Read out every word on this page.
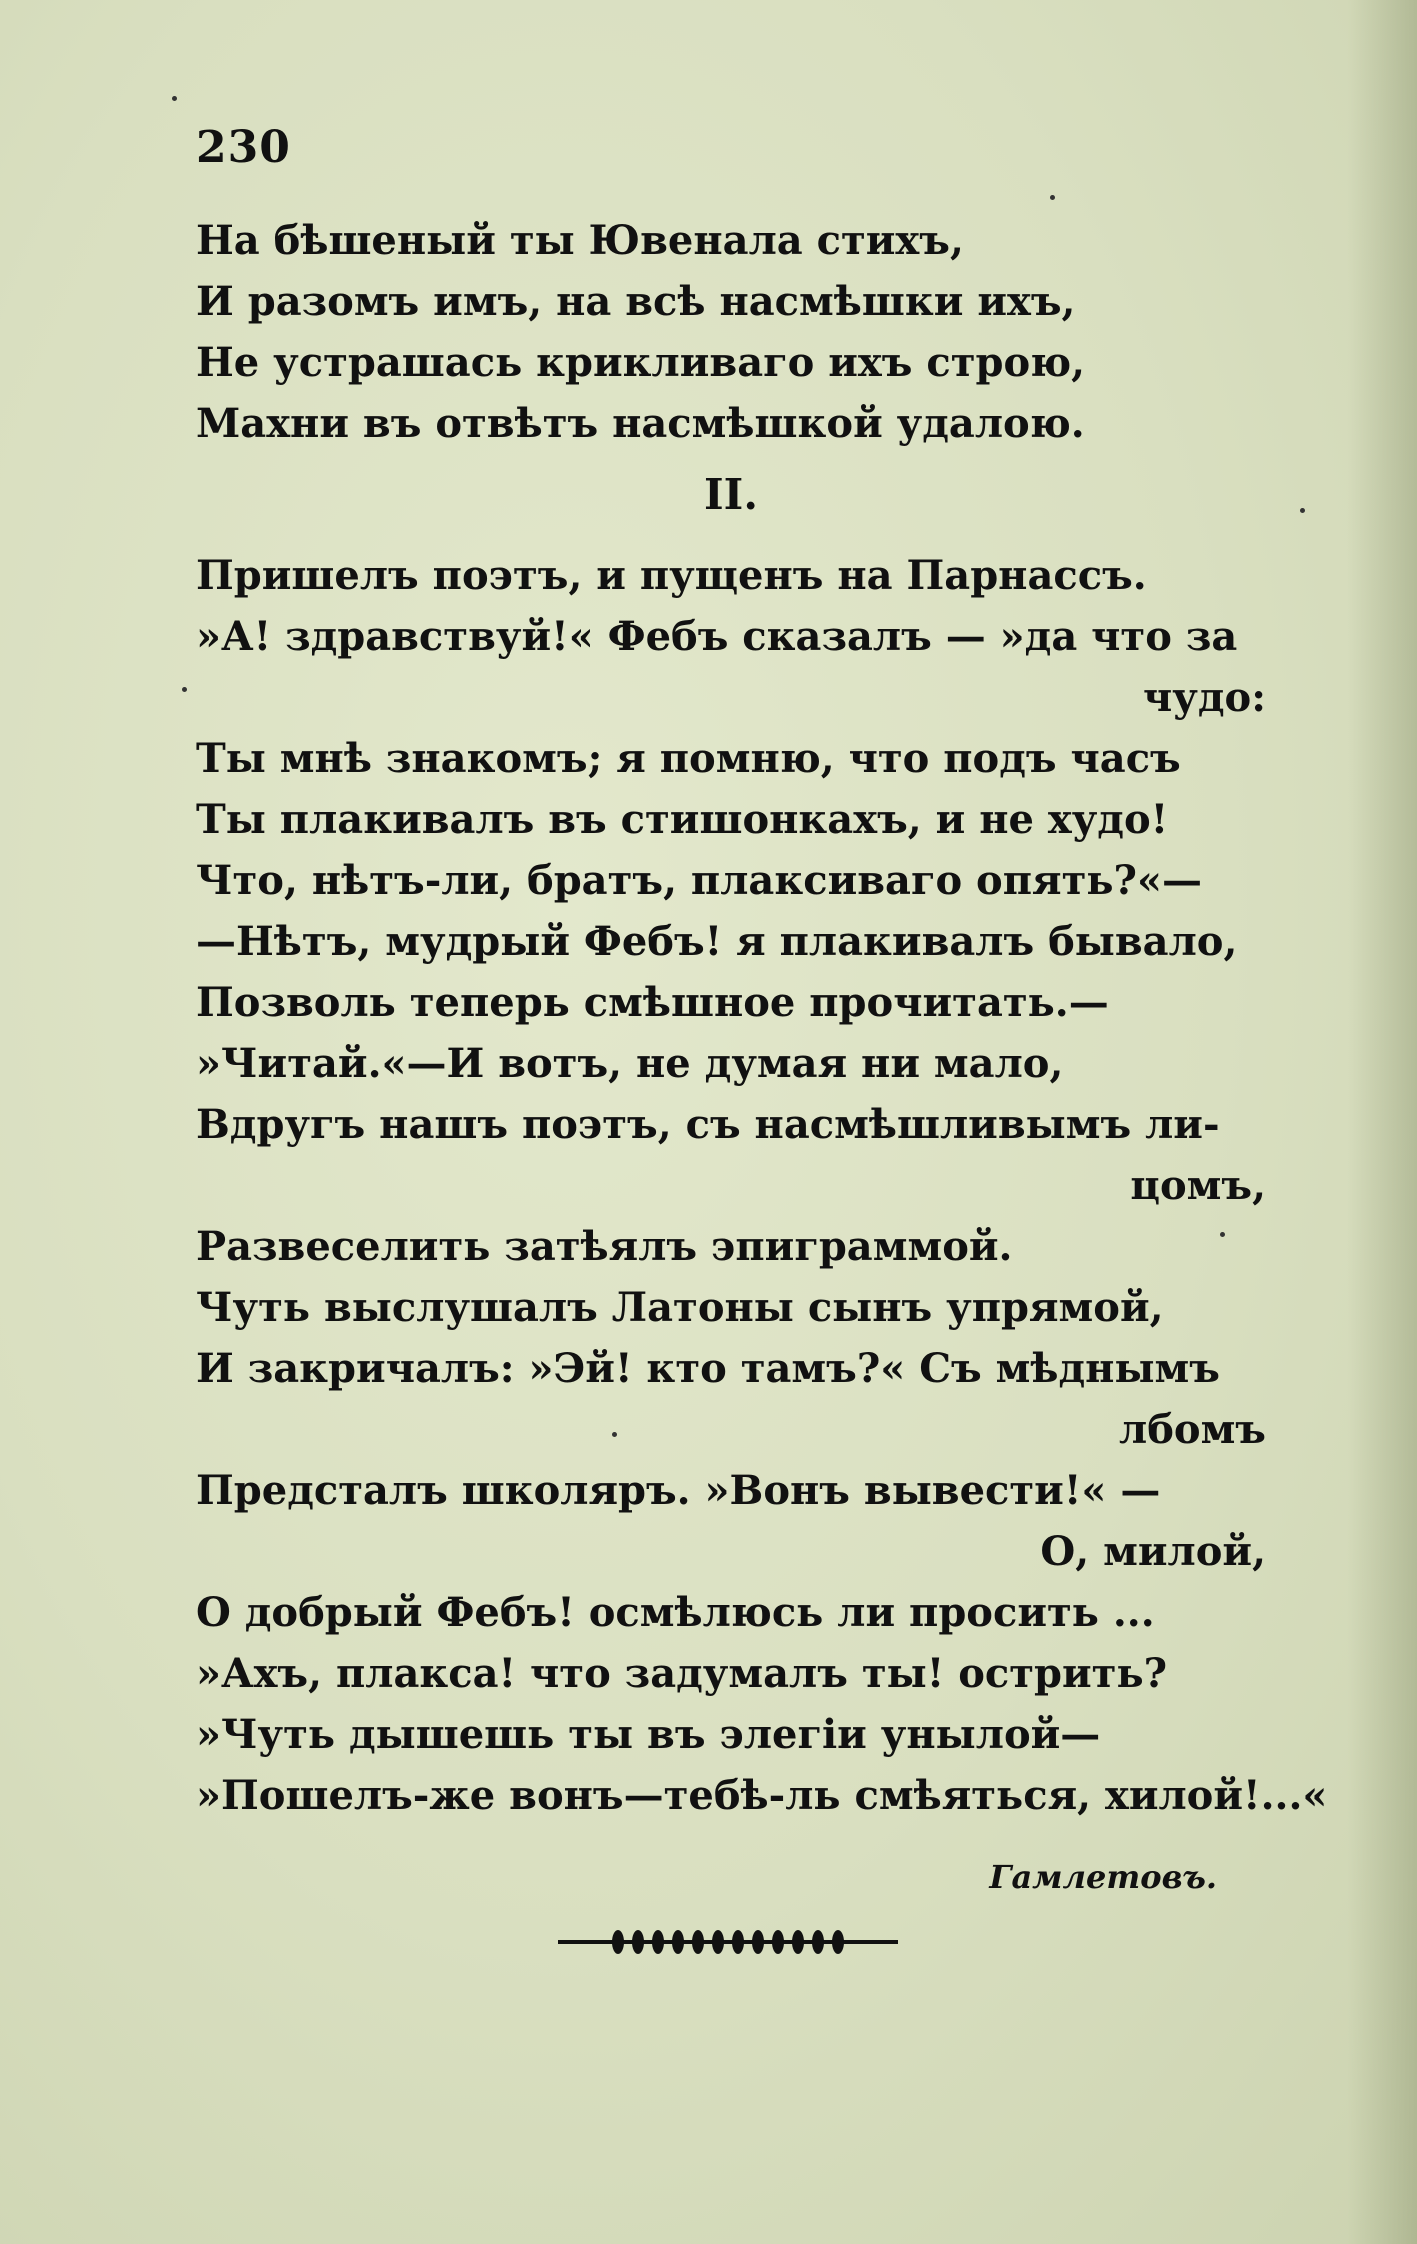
230
На бѣшеный ты Ювенала стихъ,
И разомъ имъ, на всѣ насмѣшки ихъ,
Не устрашась крикливаго ихъ строю,
Махни въ отвѣтъ насмѣшкой удалою.
II.
Пришелъ поэтъ, и пущенъ на Парнассъ.
»А! здравствуй!« Фебъ сказалъ — »да что за
чудо:
Ты мнѣ знакомъ; я помню, что подъ часъ
Ты плакивалъ въ стишонкахъ, и не худо!
Что, нѣтъ-ли, братъ, плаксиваго опять?«—
—Нѣтъ, мудрый Фебъ! я плакивалъ бывало,
Позволь теперь смѣшное прочитать.—
»Читай.«—И вотъ, не думая ни мало,
Вдругъ нашъ поэтъ, съ насмѣшливымъ ли-
цомъ,
Развеселить затѣялъ эпиграммой.
Чуть выслушалъ Латоны сынъ упрямой,
И закричалъ: »Эй! кто тамъ?« Съ мѣднымъ
лбомъ
Предсталъ школяръ. »Вонъ вывести!« —
О, милой,
О добрый Фебъ! осмѣлюсь ли просить ...
»Ахъ, плакса! что задумалъ ты! острить?
»Чуть дышешь ты въ элегіи унылой—
»Пошелъ-же вонъ—тебѣ-ль смѣяться, хилой!...«
Гамлетовъ.
